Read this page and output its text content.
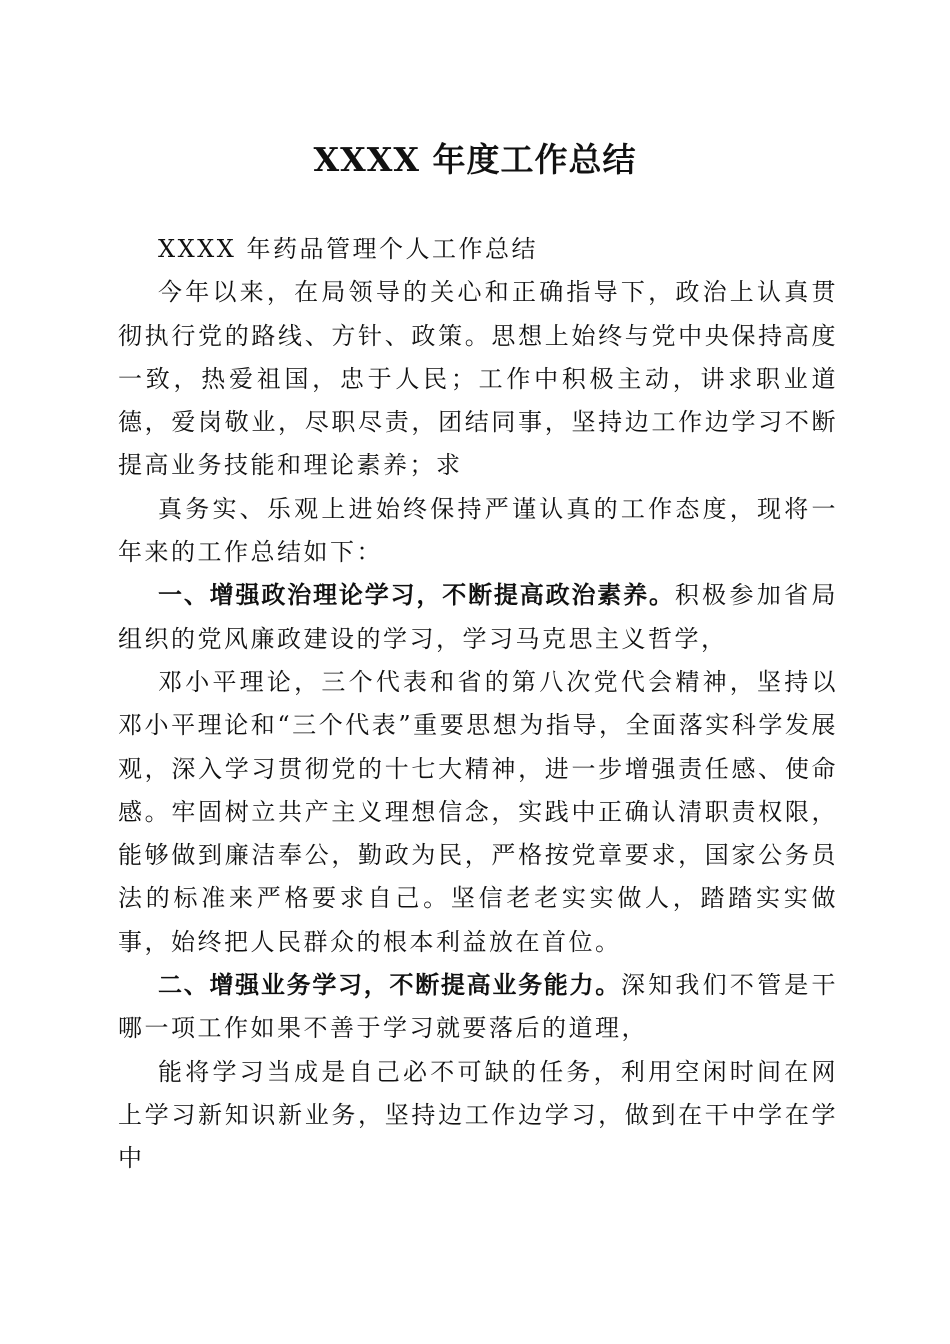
XXXX 年度工作总结

XXXX 年药品管理个人工作总结

今年以来，在局领导的关心和正确指导下，政治上认真贯彻执行党的路线、方针、政策。思想上始终与党中央保持高度一致，热爱祖国，忠于人民；工作中积极主动，讲求职业道德，爱岗敬业，尽职尽责，团结同事，坚持边工作边学习不断提高业务技能和理论素养；求

真务实、乐观上进始终保持严谨认真的工作态度，现将一年来的工作总结如下：

一、增强政治理论学习，不断提高政治素养。积极参加省局组织的党风廉政建设的学习，学习马克思主义哲学，

邓小平理论，三个代表和省的第八次党代会精神，坚持以邓小平理论和“三个代表”重要思想为指导，全面落实科学发展观，深入学习贯彻党的十七大精神，进一步增强责任感、使命感。牢固树立共产主义理想信念，实践中正确认清职责权限，能够做到廉洁奉公，勤政为民，严格按党章要求，国家公务员法的标准来严格要求自己。坚信老老实实做人，踏踏实实做事，始终把人民群众的根本利益放在首位。

二、增强业务学习，不断提高业务能力。深知我们不管是干哪一项工作如果不善于学习就要落后的道理，

能将学习当成是自己必不可缺的任务，利用空闲时间在网上学习新知识新业务，坚持边工作边学习，做到在干中学在学中
